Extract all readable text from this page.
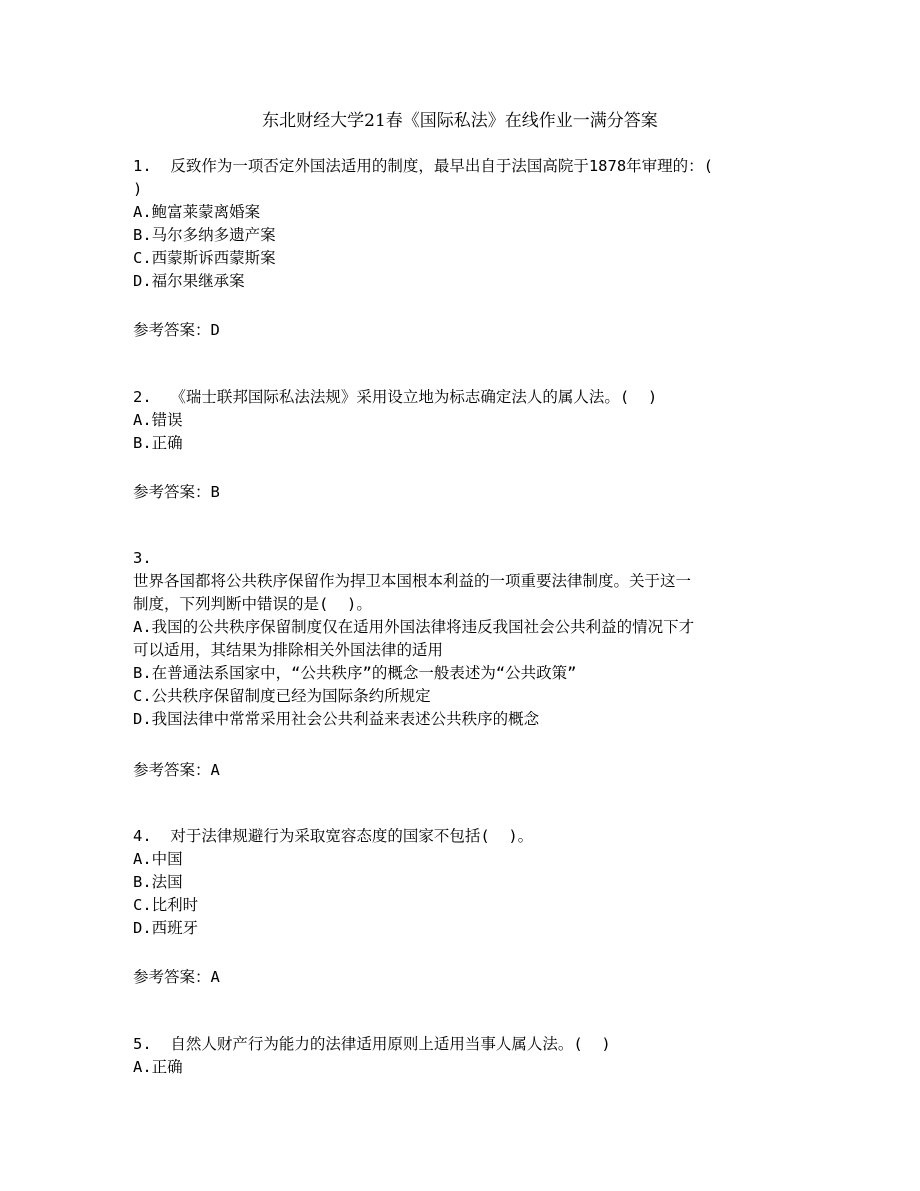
东北财经大学21春《国际私法》在线作业一满分答案
1.  反致作为一项否定外国法适用的制度，最早出自于法国高院于1878年审理的：(
)
A.鲍富莱蒙离婚案
B.马尔多纳多遗产案
C.西蒙斯诉西蒙斯案
D.福尔果继承案
参考答案：D
2.  《瑞士联邦国际私法法规》采用设立地为标志确定法人的属人法。(  )
A.错误
B.正确
参考答案：B
3.
世界各国都将公共秩序保留作为捍卫本国根本利益的一项重要法律制度。关于这一
制度，下列判断中错误的是(  )。
A.我国的公共秩序保留制度仅在适用外国法律将违反我国社会公共利益的情况下才
可以适用，其结果为排除相关外国法律的适用
B.在普通法系国家中，“公共秩序”的概念一般表述为“公共政策”
C.公共秩序保留制度已经为国际条约所规定
D.我国法律中常常采用社会公共利益来表述公共秩序的概念
参考答案：A
4.  对于法律规避行为采取宽容态度的国家不包括(  )。
A.中国
B.法国
C.比利时
D.西班牙
参考答案：A
5.  自然人财产行为能力的法律适用原则上适用当事人属人法。(  )
A.正确
